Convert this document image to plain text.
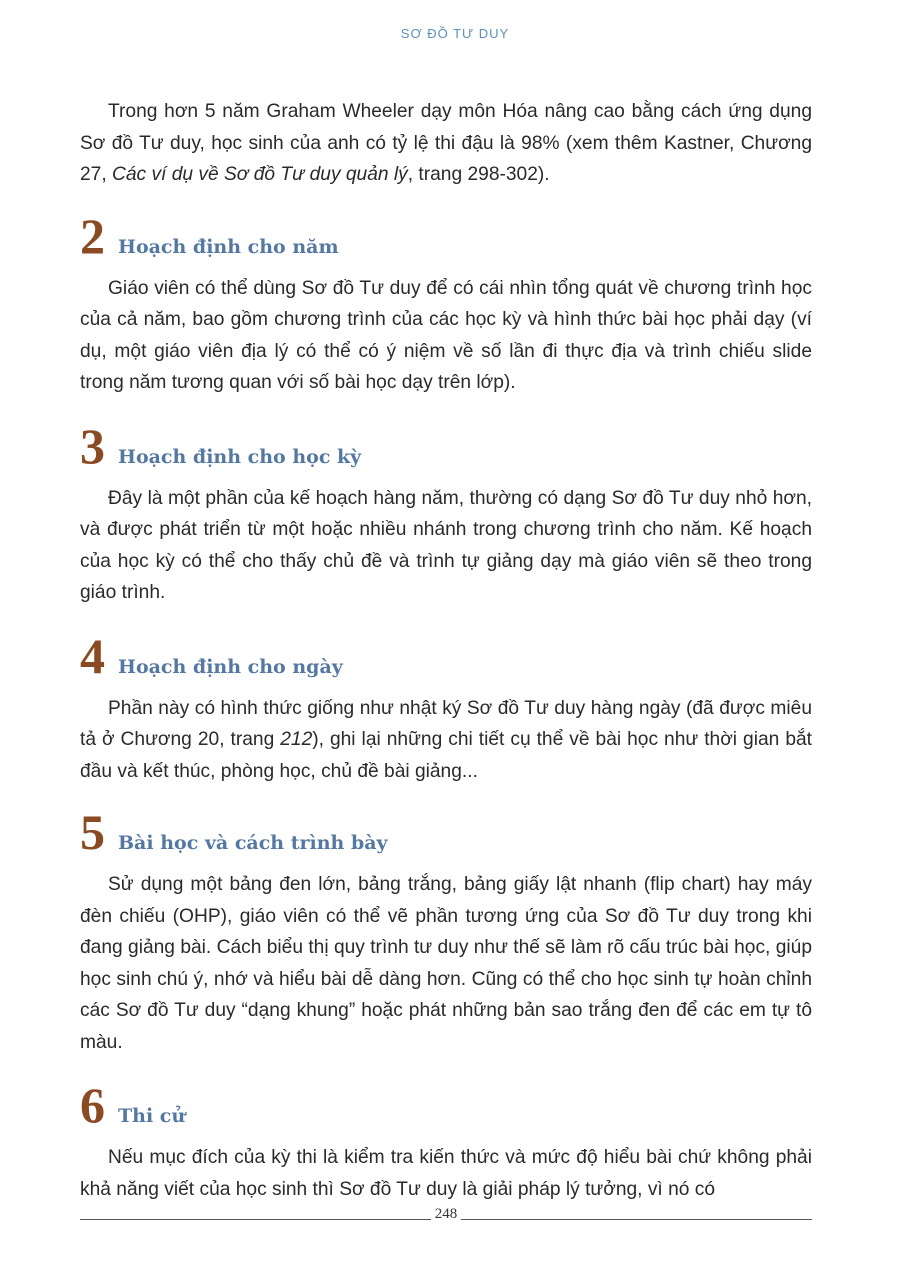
SƠ ĐỒ TƯ DUY

Trong hơn 5 năm Graham Wheeler dạy môn Hóa nâng cao bằng cách ứng dụng Sơ đồ Tư duy, học sinh của anh có tỷ lệ thi đậu là 98% (xem thêm Kastner, Chương 27, Các ví dụ về Sơ đồ Tư duy quản lý, trang 298-302).

2 Hoạch định cho năm

Giáo viên có thể dùng Sơ đồ Tư duy để có cái nhìn tổng quát về chương trình học của cả năm, bao gồm chương trình của các học kỳ và hình thức bài học phải dạy (ví dụ, một giáo viên địa lý có thể có ý niệm về số lần đi thực địa và trình chiếu slide trong năm tương quan với số bài học dạy trên lớp).

3 Hoạch định cho học kỳ

Đây là một phần của kế hoạch hàng năm, thường có dạng Sơ đồ Tư duy nhỏ hơn, và được phát triển từ một hoặc nhiều nhánh trong chương trình cho năm. Kế hoạch của học kỳ có thể cho thấy chủ đề và trình tự giảng dạy mà giáo viên sẽ theo trong giáo trình.

4 Hoạch định cho ngày

Phần này có hình thức giống như nhật ký Sơ đồ Tư duy hàng ngày (đã được miêu tả ở Chương 20, trang 212), ghi lại những chi tiết cụ thể về bài học như thời gian bắt đầu và kết thúc, phòng học, chủ đề bài giảng...

5 Bài học và cách trình bày

Sử dụng một bảng đen lớn, bảng trắng, bảng giấy lật nhanh (flip chart) hay máy đèn chiếu (OHP), giáo viên có thể vẽ phần tương ứng của Sơ đồ Tư duy trong khi đang giảng bài. Cách biểu thị quy trình tư duy như thế sẽ làm rõ cấu trúc bài học, giúp học sinh chú ý, nhớ và hiểu bài dễ dàng hơn. Cũng có thể cho học sinh tự hoàn chỉnh các Sơ đồ Tư duy “dạng khung” hoặc phát những bản sao trắng đen để các em tự tô màu.

6 Thi cử

Nếu mục đích của kỳ thi là kiểm tra kiến thức và mức độ hiểu bài chứ không phải khả năng viết của học sinh thì Sơ đồ Tư duy là giải pháp lý tưởng, vì nó có

248
